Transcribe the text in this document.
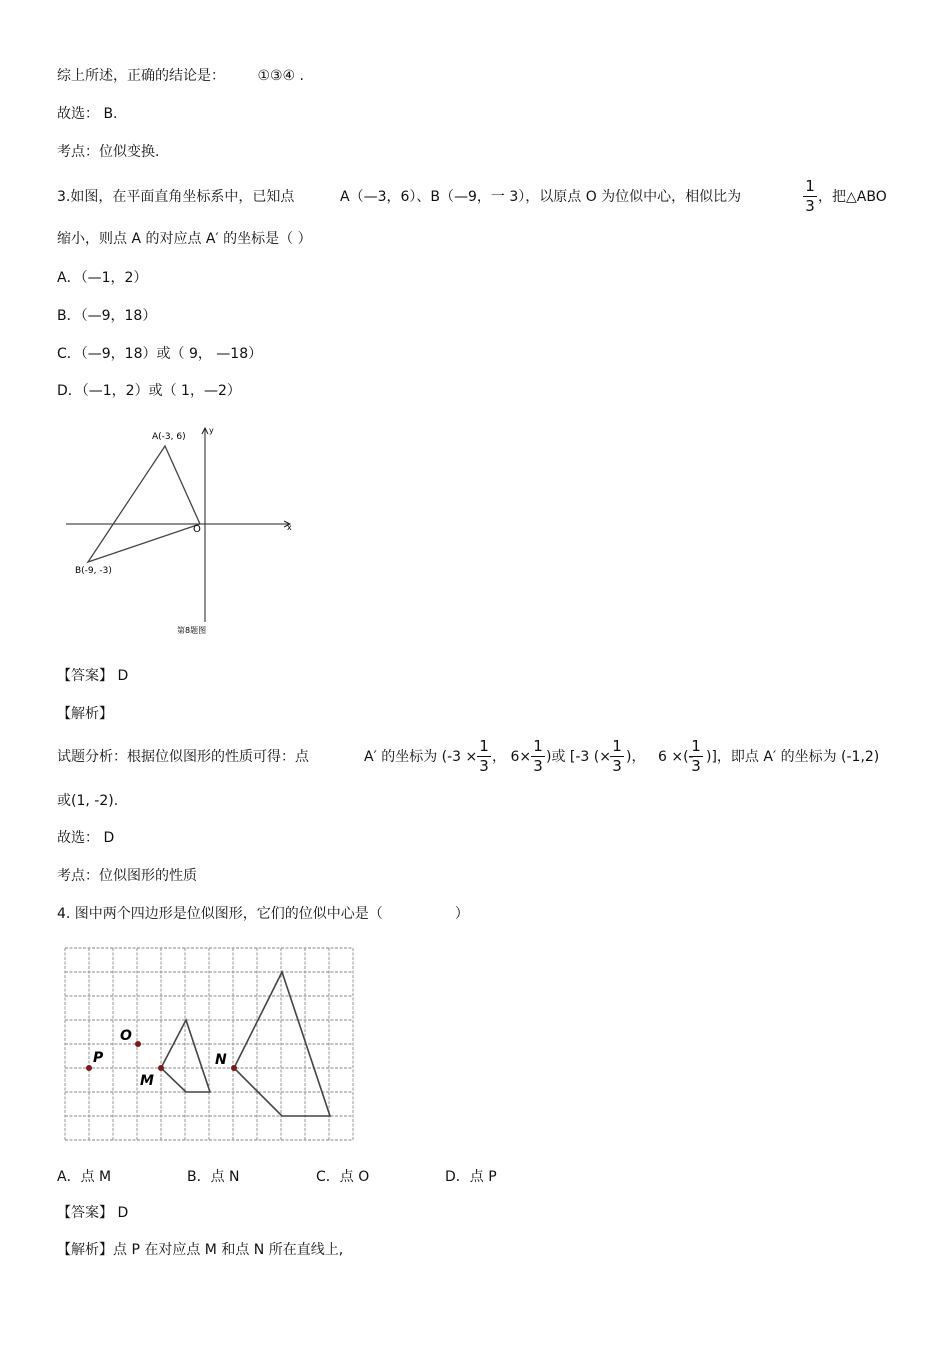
综上所述，正确的结论是： ①③④ .
故选： B.
考点：位似变换.
3.如图，在平面直角坐标系中，已知点	A（—3，6）、B（—9，一 3），以原点 O 为位似中心，相似比为
1
3 ，把△ABO
缩小，则点 A 的对应点 A′ 的坐标是（ ）
A．（—1，2）
B．（—9，18）
C．（—9，18）或（ 9， —18）
D．（—1，2）或（ 1，—2）
A(-3, 6)
B(-9, -3)
O	x
y
第8题图
【答案】 D
【解析】
试题分析：根据位似图形的性质可得：点	A′ 的坐标为 (-3 ×
1
3 ， 6×
1
3 )或 [-3 (×
1
3 )， 6 ×(-
1
3 )]，即点 A′ 的坐标为 (-1,2)
或(1, -2).
故选： D
考点：位似图形的性质
4. 图中两个四边形是位似图形，它们的位似中心是（	）
P
O
M
N
A．点 M	B．点 N	C．点 O	D．点 P
【答案】 D
【解析】点 P 在对应点 M 和点 N 所在直线上,
